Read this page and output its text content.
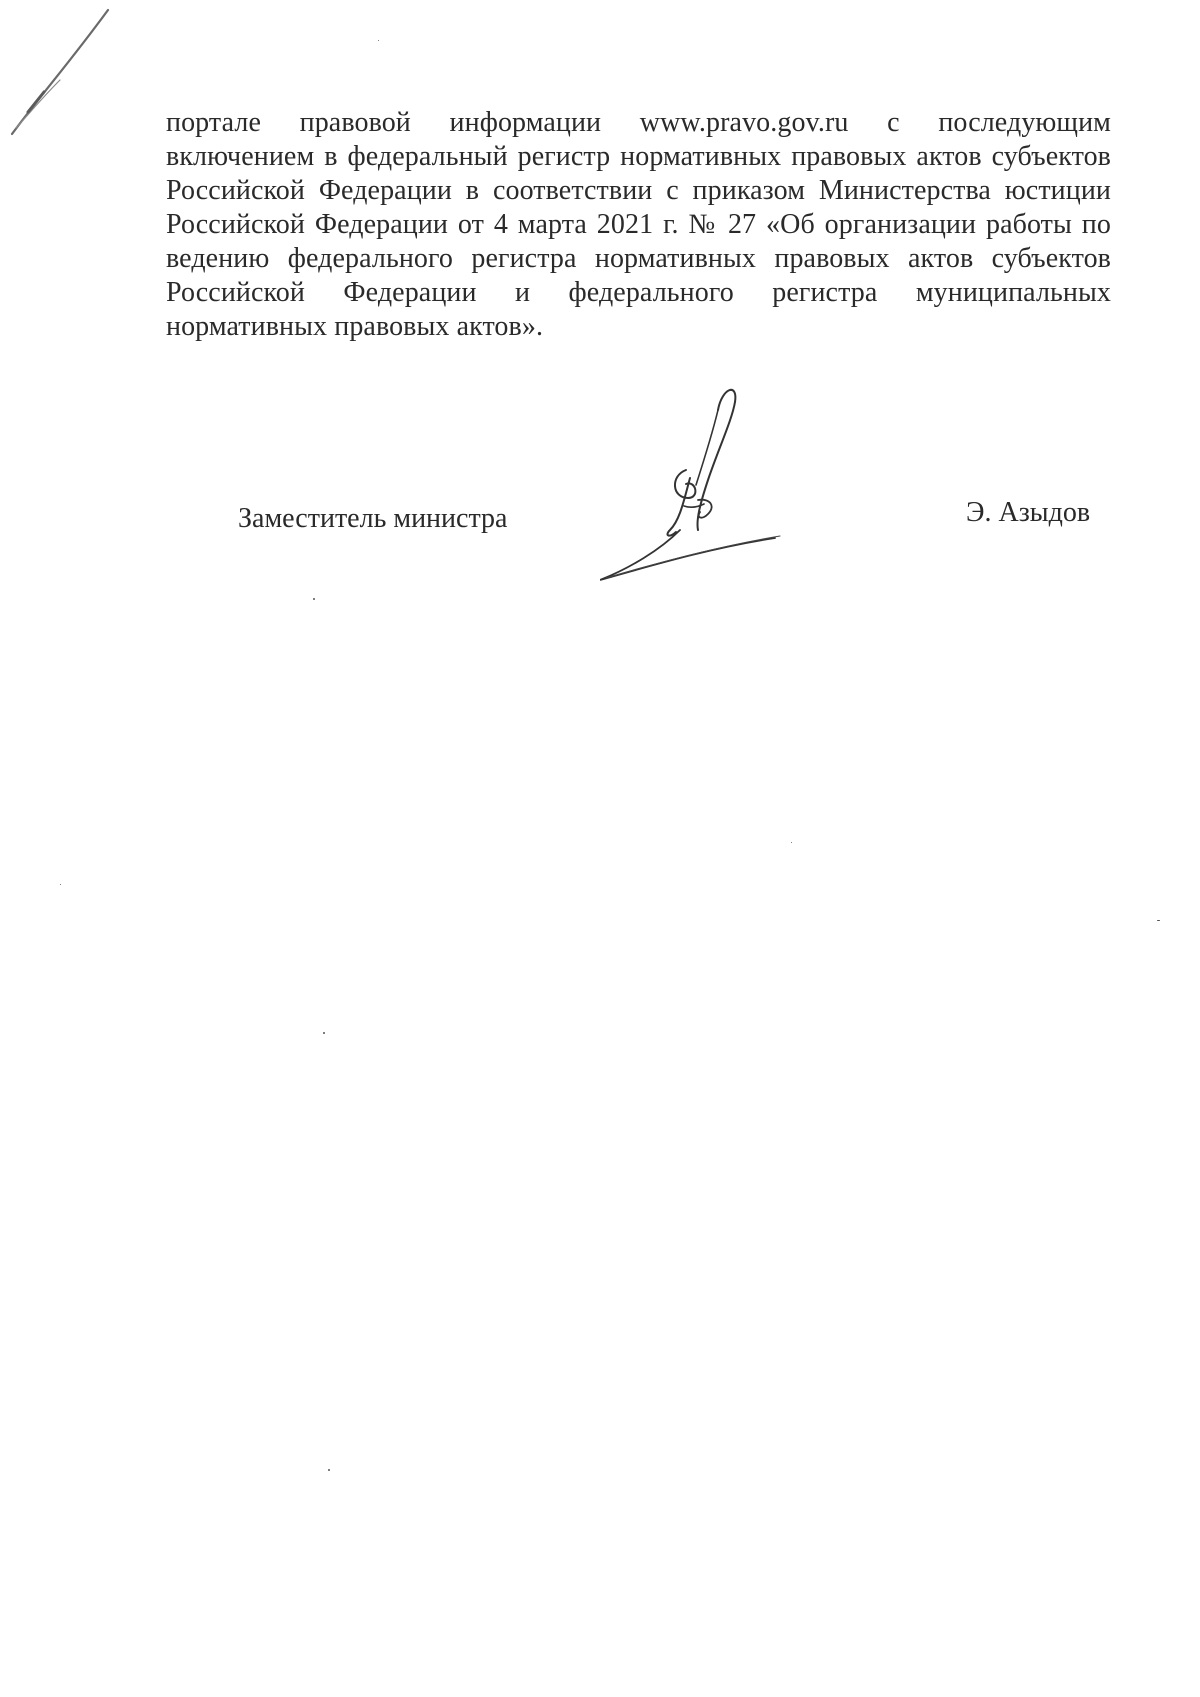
портале правовой информации www.pravo.gov.ru с последующим
включением в федеральный регистр нормативных правовых актов субъектов
Российской Федерации в соответствии с приказом Министерства юстиции
Российской Федерации от 4 марта 2021 г. № 27 «Об организации работы по
ведению федерального регистра нормативных правовых актов субъектов
Российской Федерации и федерального регистра муниципальных
нормативных правовых актов».
Заместитель министра	Э. Азыдов
